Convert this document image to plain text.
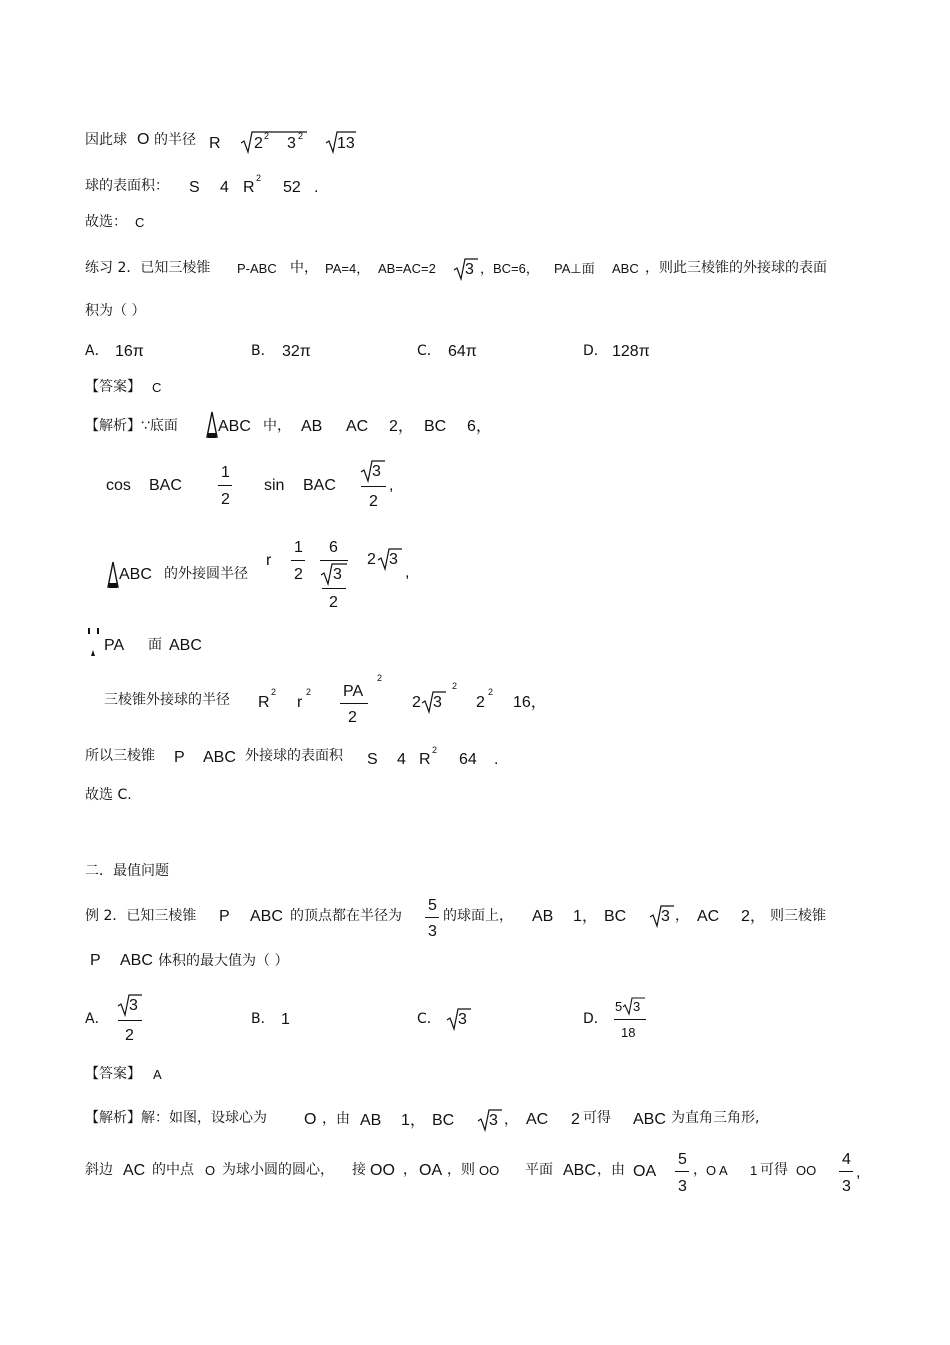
因此球 O 的半径 R 2 2 3 2 13
球的表面积： S 4 R
2
52 .
故选： C
练习 2．已知三棱锥 P-ABC 中， PA=4， AB=AC=2 3 ，BC=6， PA⊥面 ABC ，则此三棱锥的外接球的表面
积为（ ）
A． 16π	B． 32π	C． 64π	D． 128π
【答案】 C
【解析】∵底面	ABC 中， AB AC 2， BC 6，
cos BAC
1
2
sin BAC
3
2
,
ABC 的外接圆半径
r
1
2
6
3
2
2 3
,
PA 面 ABC
三棱锥外接球的半径 R
2
r
2 PA
2
2
2 3
2
2
2
16，
所以三棱锥 P ABC 外接球的表面积 S 4 R
2
64 .
故选 C.
二．最值问题
例 2．已知三棱锥 P ABC 的顶点都在半径为
5
3
的球面上， AB 1， BC 3 ， AC 2， 则三棱锥
P ABC 体积的最大值为（ ）
A．
3
2
B． 1	C． 3	D．
5 3
18
【答案】 A
【解析】解：如图，设球心为 O ，由 AB 1， BC 3 ， AC 2 可得 ABC 为直角三角形,
斜边 AC 的中点 O 为球小圆的圆心， 接 OO ， OA ，则 OO 平面 ABC ，由 OA
5
3
， O A 1 可得 OO
4
3
,
